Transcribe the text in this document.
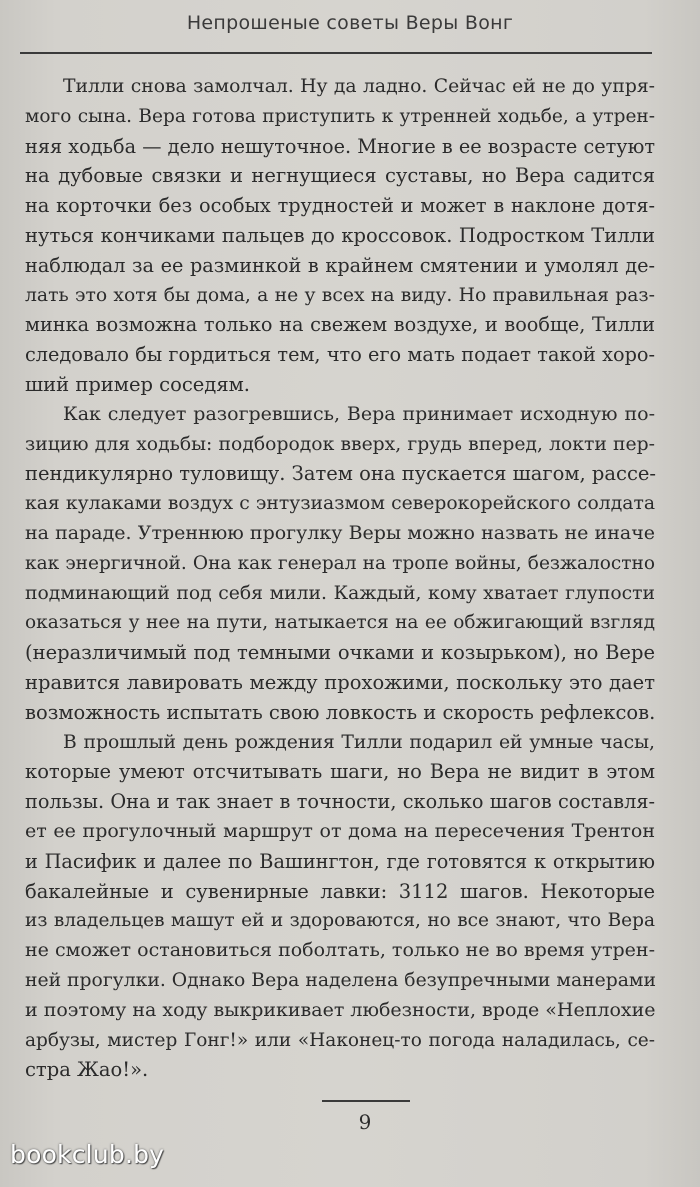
Непрошеные советы Веры Вонг

Тилли снова замолчал. Ну да ладно. Сейчас ей не до упря-
мого сына. Вера готова приступить к утренней ходьбе, а утрен-
няя ходьба — дело нешуточное. Многие в ее возрасте сетуют
на дубовые связки и негнущиеся суставы, но Вера садится
на корточки без особых трудностей и может в наклоне дотя-
нуться кончиками пальцев до кроссовок. Подростком Тилли
наблюдал за ее разминкой в крайнем смятении и умолял де-
лать это хотя бы дома, а не у всех на виду. Но правильная раз-
минка возможна только на свежем воздухе, и вообще, Тилли
следовало бы гордиться тем, что его мать подает такой хоро-
ший пример соседям.

Как следует разогревшись, Вера принимает исходную по-
зицию для ходьбы: подбородок вверх, грудь вперед, локти пер-
пендикулярно туловищу. Затем она пускается шагом, рассе-
кая кулаками воздух с энтузиазмом северокорейского солдата
на параде. Утреннюю прогулку Веры можно назвать не иначе
как энергичной. Она как генерал на тропе войны, безжалостно
подминающий под себя мили. Каждый, кому хватает глупости
оказаться у нее на пути, натыкается на ее обжигающий взгляд
(неразличимый под темными очками и козырьком), но Вере
нравится лавировать между прохожими, поскольку это дает
возможность испытать свою ловкость и скорость рефлексов.

В прошлый день рождения Тилли подарил ей умные часы,
которые умеют отсчитывать шаги, но Вера не видит в этом
пользы. Она и так знает в точности, сколько шагов составля-
ет ее прогулочный маршрут от дома на пересечения Трентон
и Пасифик и далее по Вашингтон, где готовятся к открытию
бакалейные и сувенирные лавки: 3112 шагов. Некоторые
из владельцев машут ей и здороваются, но все знают, что Вера
не сможет остановиться поболтать, только не во время утрен-
ней прогулки. Однако Вера наделена безупречными манерами
и поэтому на ходу выкрикивает любезности, вроде «Неплохие
арбузы, мистер Гонг!» или «Наконец-то погода наладилась, се-
стра Жао!».

9
bookclub.by
